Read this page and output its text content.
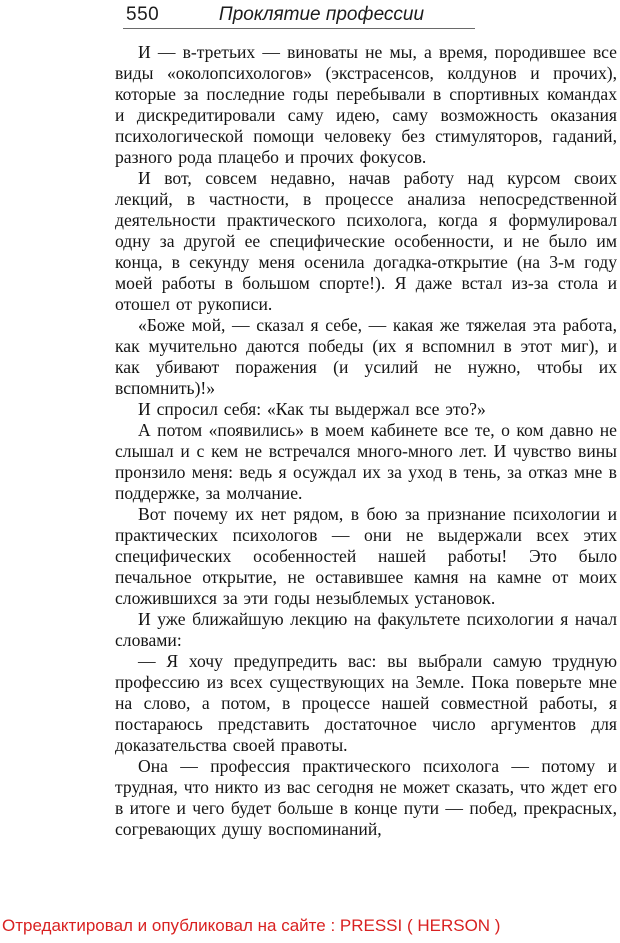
550	Проклятие профессии

И — в-третьих — виноваты не мы, а время, породившее все виды «околопсихологов» (экстрасенсов, колдунов и прочих), которые за последние годы перебывали в спортивных командах и дискредитировали саму идею, саму возможность оказания психологической помощи человеку без стимуляторов, гаданий, разного рода плацебо и прочих фокусов.

И вот, совсем недавно, начав работу над курсом своих лекций, в частности, в процессе анализа непосредственной деятельности практического психолога, когда я формулировал одну за другой ее специфические особенности, и не было им конца, в секунду меня осенила догадка-открытие (на 3-м году моей работы в большом спорте!). Я даже встал из-за стола и отошел от рукописи.

«Боже мой, — сказал я себе, — какая же тяжелая эта работа, как мучительно даются победы (их я вспомнил в этот миг), и как убивают поражения (и усилий не нужно, чтобы их вспомнить)!»

И спросил себя: «Как ты выдержал все это?»

А потом «появились» в моем кабинете все те, о ком давно не слышал и с кем не встречался много-много лет. И чувство вины пронзило меня: ведь я осуждал их за уход в тень, за отказ мне в поддержке, за молчание.

Вот почему их нет рядом, в бою за признание психологии и практических психологов — они не выдержали всех этих специфических особенностей нашей работы! Это было печальное открытие, не оставившее камня на камне от моих сложившихся за эти годы незыблемых установок.

И уже ближайшую лекцию на факультете психологии я начал словами:

— Я хочу предупредить вас: вы выбрали самую трудную профессию из всех существующих на Земле. Пока поверьте мне на слово, а потом, в процессе нашей совместной работы, я постараюсь представить достаточное число аргументов для доказательства своей правоты.

Она — профессия практического психолога — потому и трудная, что никто из вас сегодня не может сказать, что ждет его в итоге и чего будет больше в конце пути — побед, прекрасных, согревающих душу воспоминаний,

Отредактировал и опубликовал на сайте : PRESSI ( HERSON )
